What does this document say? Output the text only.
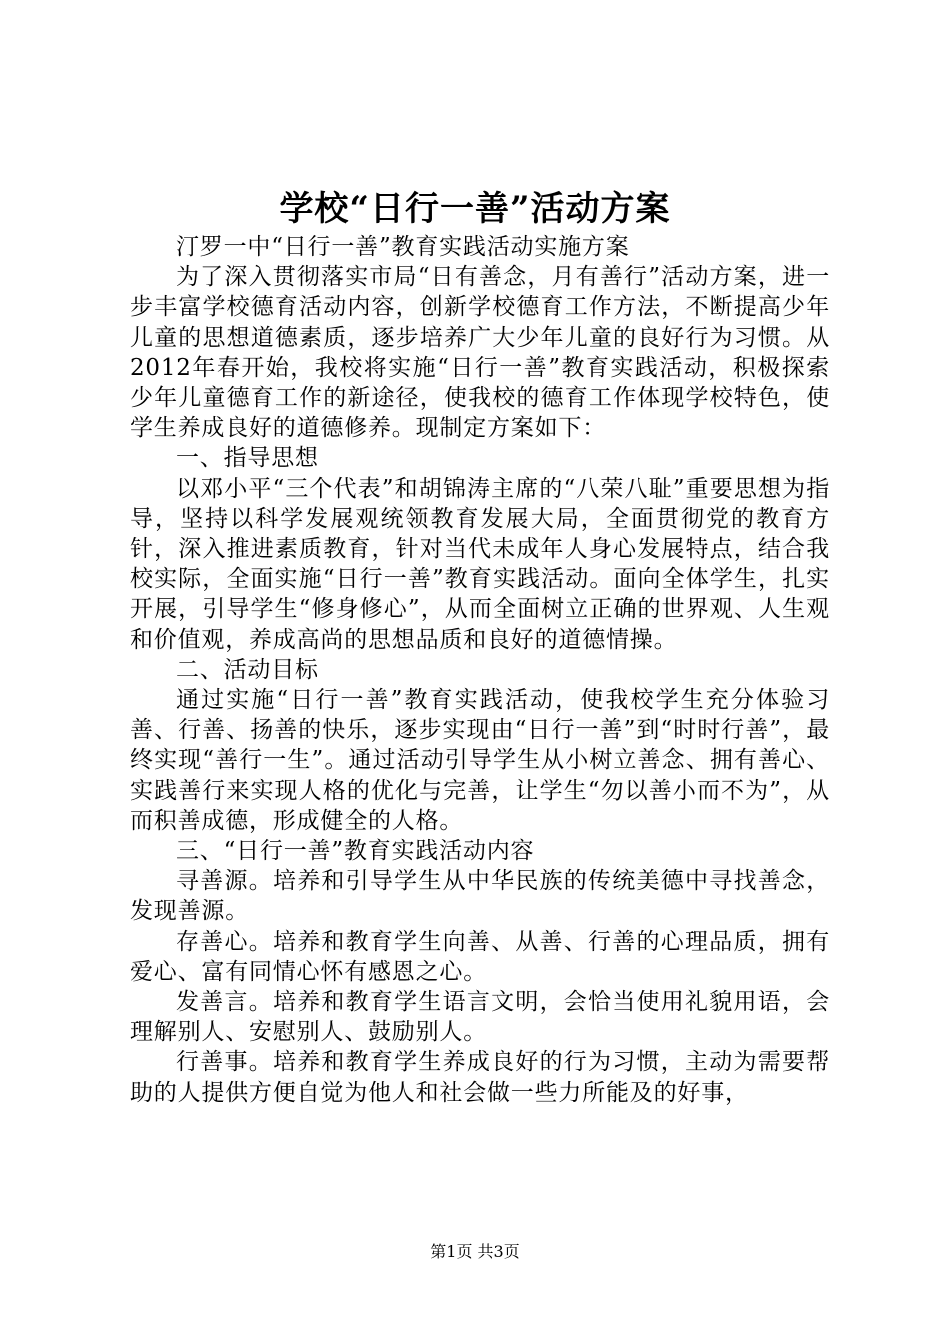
学校“日行一善”活动方案

汀罗一中“日行一善”教育实践活动实施方案

为了深入贯彻落实市局“日有善念，月有善行”活动方案，进一步丰富学校德育活动内容，创新学校德育工作方法，不断提高少年儿童的思想道德素质，逐步培养广大少年儿童的良好行为习惯。从2012年春开始，我校将实施“日行一善”教育实践活动，积极探索少年儿童德育工作的新途径，使我校的德育工作体现学校特色，使学生养成良好的道德修养。现制定方案如下：

一、指导思想

以邓小平“三个代表”和胡锦涛主席的“八荣八耻”重要思想为指导，坚持以科学发展观统领教育发展大局，全面贯彻党的教育方针，深入推进素质教育，针对当代未成年人身心发展特点，结合我校实际，全面实施“日行一善”教育实践活动。面向全体学生，扎实开展，引导学生“修身修心”，从而全面树立正确的世界观、人生观和价值观，养成高尚的思想品质和良好的道德情操。

二、活动目标

通过实施“日行一善”教育实践活动，使我校学生充分体验习善、行善、扬善的快乐，逐步实现由“日行一善”到“时时行善”，最终实现“善行一生”。通过活动引导学生从小树立善念、拥有善心、实践善行来实现人格的优化与完善，让学生“勿以善小而不为”，从而积善成德，形成健全的人格。

三、“日行一善”教育实践活动内容

寻善源。培养和引导学生从中华民族的传统美德中寻找善念，发现善源。

存善心。培养和教育学生向善、从善、行善的心理品质，拥有爱心、富有同情心怀有感恩之心。

发善言。培养和教育学生语言文明，会恰当使用礼貌用语，会理解别人、安慰别人、鼓励别人。

行善事。培养和教育学生养成良好的行为习惯，主动为需要帮助的人提供方便自觉为他人和社会做一些力所能及的好事，

第1页 共3页
